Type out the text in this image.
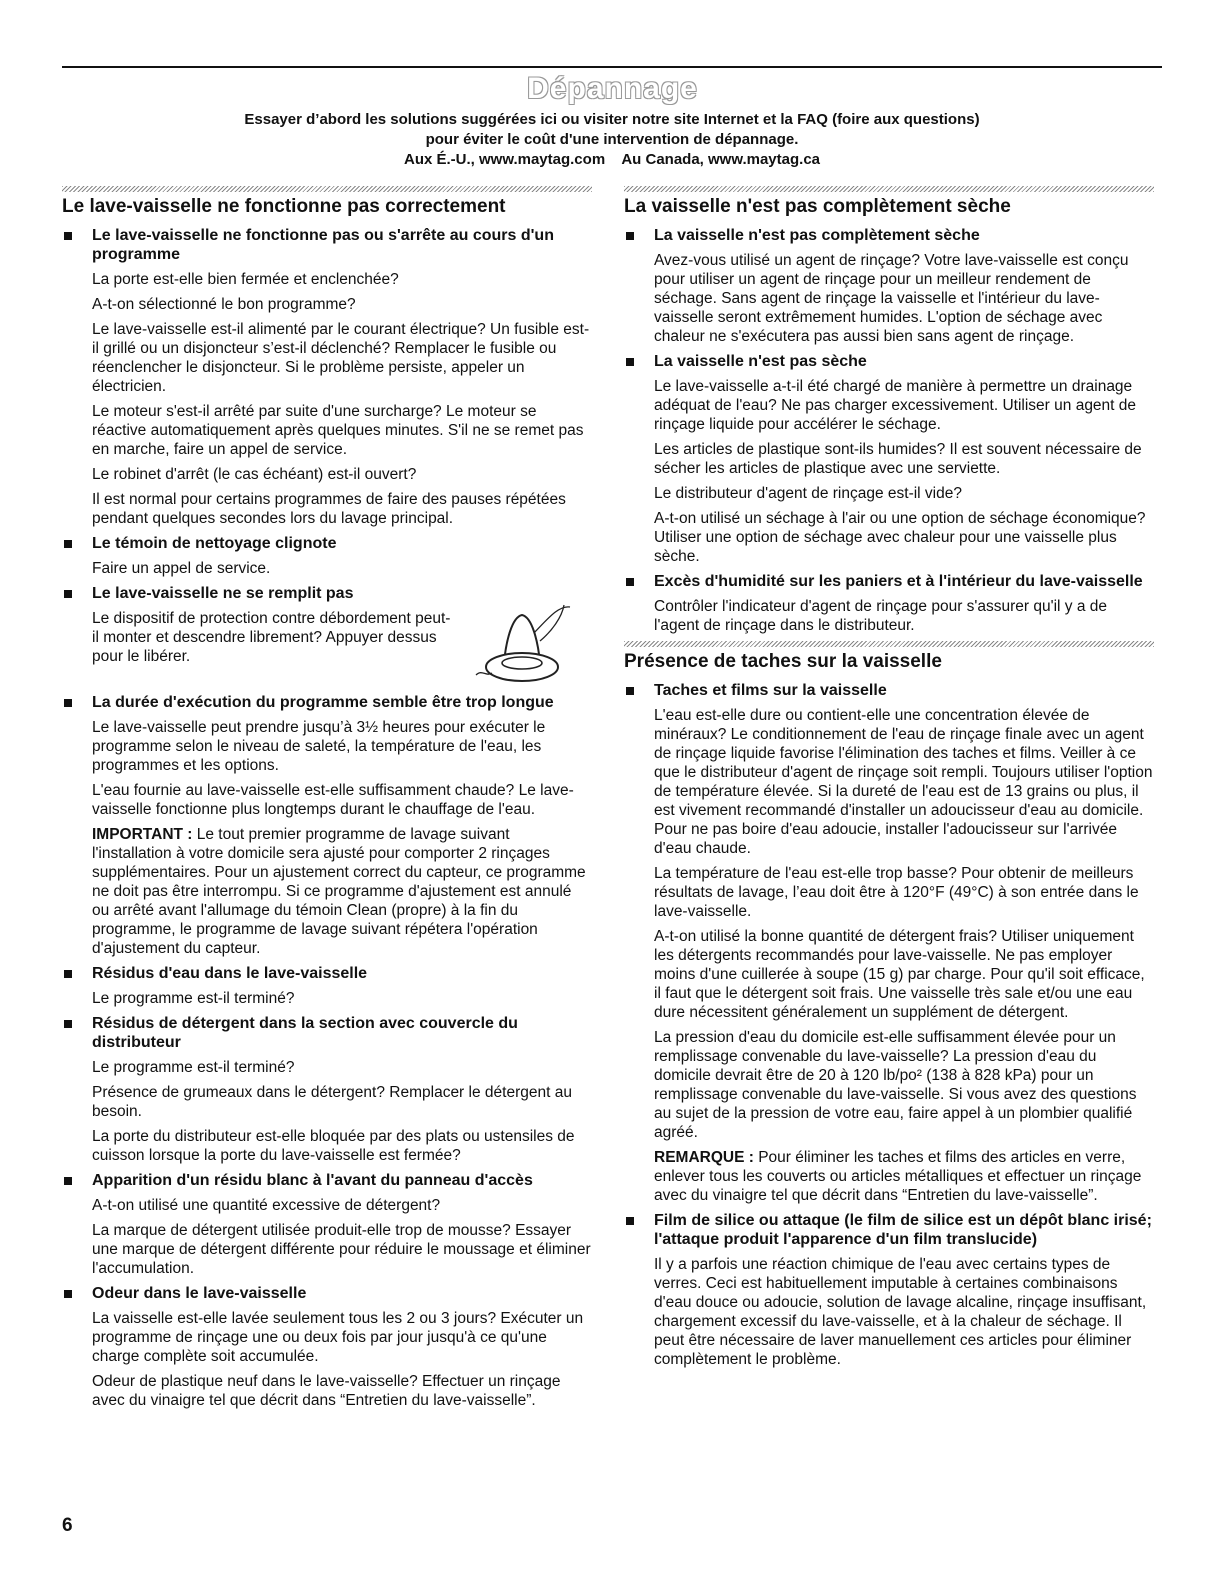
Dépannage
Essayer d’abord les solutions suggérées ici ou visiter notre site Internet et la FAQ (foire aux questions)
pour éviter le coût d'une intervention de dépannage.
Aux É.-U., www.maytag.com Au Canada, www.maytag.ca
Le lave-vaisselle ne fonctionne pas correctement
Le lave-vaisselle ne fonctionne pas ou s'arrête au cours d'un programme

La porte est-elle bien fermée et enclenchée?

A-t-on sélectionné le bon programme?

Le lave-vaisselle est-il alimenté par le courant électrique? Un fusible est-il grillé ou un disjoncteur s’est-il déclenché? Remplacer le fusible ou réenclencher le disjoncteur. Si le problème persiste, appeler un électricien.

Le moteur s'est-il arrêté par suite d'une surcharge? Le moteur se réactive automatiquement après quelques minutes. S'il ne se remet pas en marche, faire un appel de service.

Le robinet d'arrêt (le cas échéant) est-il ouvert?

Il est normal pour certains programmes de faire des pauses répétées pendant quelques secondes lors du lavage principal.

Le témoin de nettoyage clignote

Faire un appel de service.

Le lave-vaisselle ne se remplit pas

Le dispositif de protection contre débordement peut-il monter et descendre librement? Appuyer dessus pour le libérer.

La durée d'exécution du programme semble être trop longue

Le lave-vaisselle peut prendre jusqu’à 3½ heures pour exécuter le programme selon le niveau de saleté, la température de l'eau, les programmes et les options.

L'eau fournie au lave-vaisselle est-elle suffisamment chaude? Le lave-vaisselle fonctionne plus longtemps durant le chauffage de l'eau.

IMPORTANT : Le tout premier programme de lavage suivant l'installation à votre domicile sera ajusté pour comporter 2 rinçages supplémentaires. Pour un ajustement correct du capteur, ce programme ne doit pas être interrompu. Si ce programme d'ajustement est annulé ou arrêté avant l'allumage du témoin Clean (propre) à la fin du programme, le programme de lavage suivant répétera l'opération d'ajustement du capteur.

Résidus d'eau dans le lave-vaisselle

Le programme est-il terminé?

Résidus de détergent dans la section avec couvercle du distributeur

Le programme est-il terminé?

Présence de grumeaux dans le détergent? Remplacer le détergent au besoin.

La porte du distributeur est-elle bloquée par des plats ou ustensiles de cuisson lorsque la porte du lave-vaisselle est fermée?

Apparition d'un résidu blanc à l'avant du panneau d'accès

A-t-on utilisé une quantité excessive de détergent?

La marque de détergent utilisée produit-elle trop de mousse? Essayer une marque de détergent différente pour réduire le moussage et éliminer l'accumulation.

Odeur dans le lave-vaisselle

La vaisselle est-elle lavée seulement tous les 2 ou 3 jours? Exécuter un programme de rinçage une ou deux fois par jour jusqu'à ce qu'une charge complète soit accumulée.

Odeur de plastique neuf dans le lave-vaisselle? Effectuer un rinçage avec du vinaigre tel que décrit dans “Entretien du lave-vaisselle”.

La vaisselle n'est pas complètement sèche
La vaisselle n'est pas complètement sèche

Avez-vous utilisé un agent de rinçage? Votre lave-vaisselle est conçu pour utiliser un agent de rinçage pour un meilleur rendement de séchage. Sans agent de rinçage la vaisselle et l'intérieur du lave-vaisselle seront extrêmement humides. L'option de séchage avec chaleur ne s'exécutera pas aussi bien sans agent de rinçage.

La vaisselle n'est pas sèche

Le lave-vaisselle a-t-il été chargé de manière à permettre un drainage adéquat de l'eau? Ne pas charger excessivement. Utiliser un agent de rinçage liquide pour accélérer le séchage.

Les articles de plastique sont-ils humides? Il est souvent nécessaire de sécher les articles de plastique avec une serviette.

Le distributeur d'agent de rinçage est-il vide?

A-t-on utilisé un séchage à l'air ou une option de séchage économique? Utiliser une option de séchage avec chaleur pour une vaisselle plus sèche.

Excès d'humidité sur les paniers et à l'intérieur du lave-vaisselle

Contrôler l'indicateur d'agent de rinçage pour s'assurer qu'il y a de l'agent de rinçage dans le distributeur.

Présence de taches sur la vaisselle
Taches et films sur la vaisselle

L'eau est-elle dure ou contient-elle une concentration élevée de minéraux? Le conditionnement de l'eau de rinçage finale avec un agent de rinçage liquide favorise l'élimination des taches et films. Veiller à ce que le distributeur d'agent de rinçage soit rempli. Toujours utiliser l'option de température élevée. Si la dureté de l'eau est de 13 grains ou plus, il est vivement recommandé d'installer un adoucisseur d'eau au domicile. Pour ne pas boire d'eau adoucie, installer l'adoucisseur sur l'arrivée d'eau chaude.

La température de l'eau est-elle trop basse? Pour obtenir de meilleurs résultats de lavage, l’eau doit être à 120°F (49°C) à son entrée dans le lave-vaisselle.

A-t-on utilisé la bonne quantité de détergent frais? Utiliser uniquement les détergents recommandés pour lave-vaisselle. Ne pas employer moins d'une cuillerée à soupe (15 g) par charge. Pour qu'il soit efficace, il faut que le détergent soit frais. Une vaisselle très sale et/ou une eau dure nécessitent généralement un supplément de détergent.

La pression d'eau du domicile est-elle suffisamment élevée pour un remplissage convenable du lave-vaisselle? La pression d'eau du domicile devrait être de 20 à 120 lb/po² (138 à 828 kPa) pour un remplissage convenable du lave-vaisselle. Si vous avez des questions au sujet de la pression de votre eau, faire appel à un plombier qualifié agréé.

REMARQUE : Pour éliminer les taches et films des articles en verre, enlever tous les couverts ou articles métalliques et effectuer un rinçage avec du vinaigre tel que décrit dans “Entretien du lave-vaisselle”.

Film de silice ou attaque (le film de silice est un dépôt blanc irisé; l'attaque produit l'apparence d'un film translucide)

Il y a parfois une réaction chimique de l'eau avec certains types de verres. Ceci est habituellement imputable à certaines combinaisons d'eau douce ou adoucie, solution de lavage alcaline, rinçage insuffisant, chargement excessif du lave-vaisselle, et à la chaleur de séchage. Il peut être nécessaire de laver manuellement ces articles pour éliminer complètement le problème.

6
